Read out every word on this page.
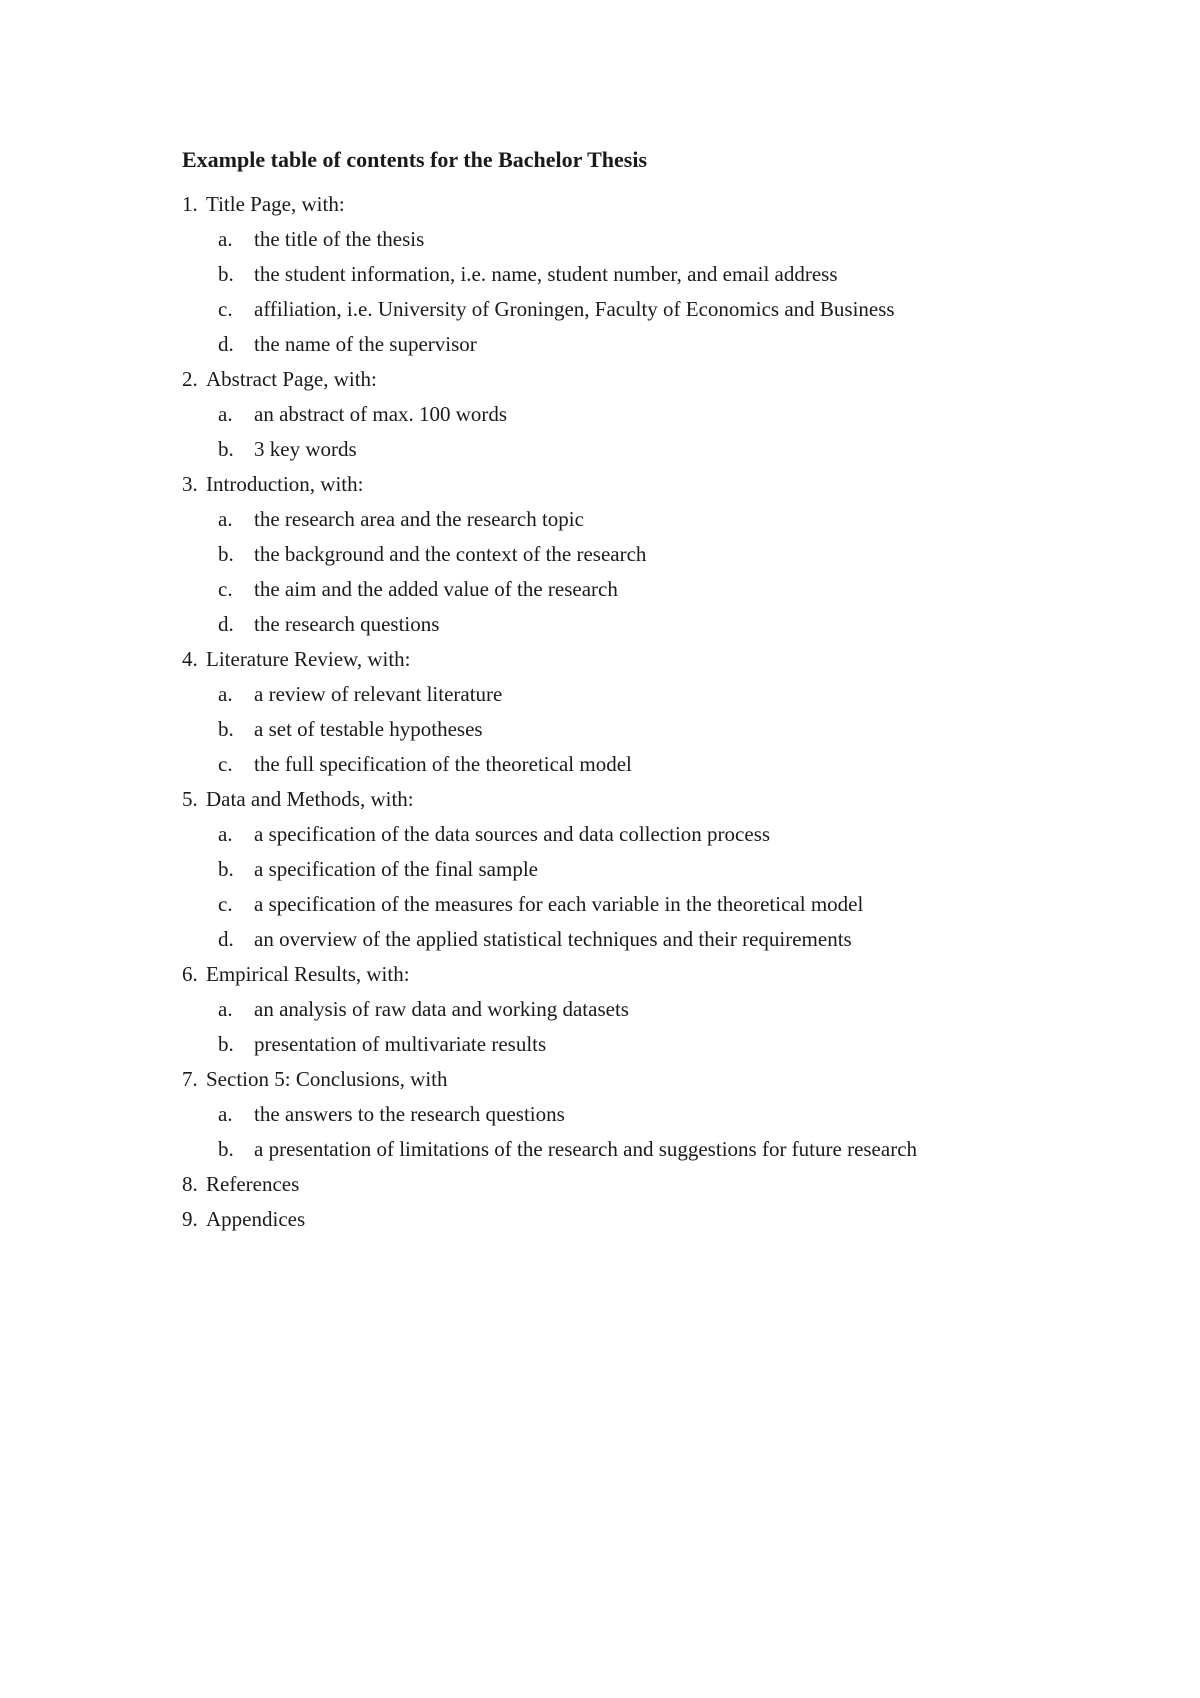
Example table of contents for the Bachelor Thesis
1. Title Page, with:
a. the title of the thesis
b. the student information, i.e. name, student number, and email address
c. affiliation, i.e. University of Groningen, Faculty of Economics and Business
d. the name of the supervisor
2. Abstract Page, with:
a. an abstract of max. 100 words
b. 3 key words
3. Introduction, with:
a. the research area and the research topic
b. the background and the context of the research
c. the aim and the added value of the research
d. the research questions
4. Literature Review, with:
a. a review of relevant literature
b. a set of testable hypotheses
c. the full specification of the theoretical model
5. Data and Methods, with:
a. a specification of the data sources and data collection process
b. a specification of the final sample
c. a specification of the measures for each variable in the theoretical model
d. an overview of the applied statistical techniques and their requirements
6. Empirical Results, with:
a. an analysis of raw data and working datasets
b. presentation of multivariate results
7. Section 5: Conclusions, with
a. the answers to the research questions
b. a presentation of limitations of the research and suggestions for future research
8. References
9. Appendices
